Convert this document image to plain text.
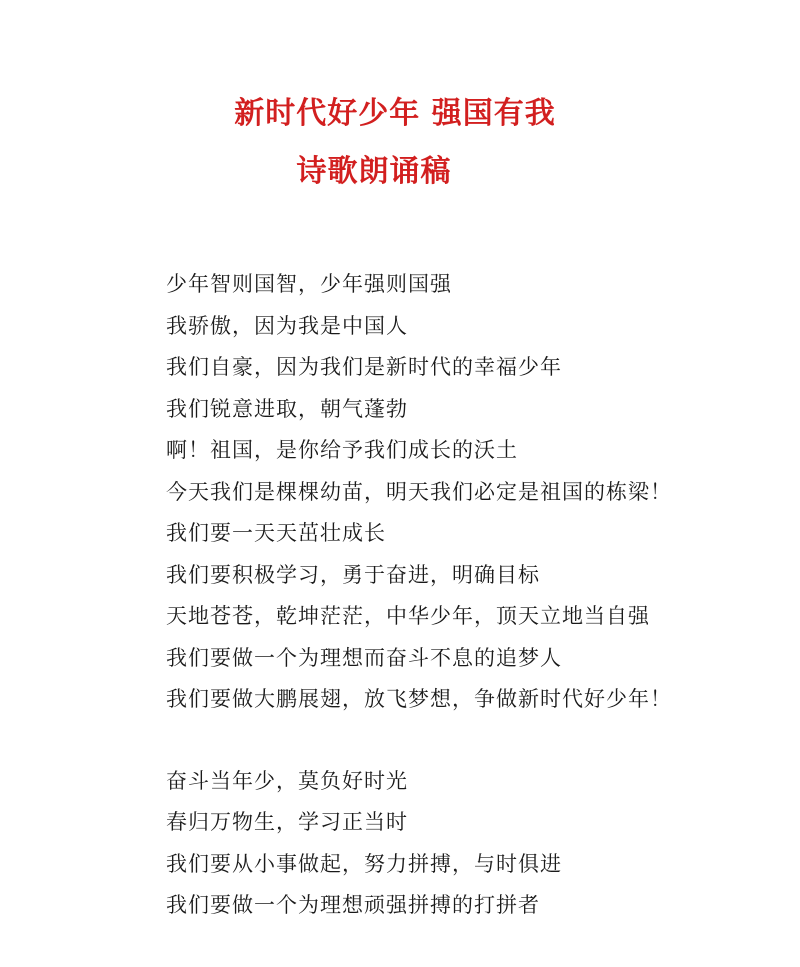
新时代好少年 强国有我
诗歌朗诵稿
少年智则国智，少年强则国强
我骄傲，因为我是中国人
我们自豪，因为我们是新时代的幸福少年
我们锐意进取，朝气蓬勃
啊！祖国，是你给予我们成长的沃土
今天我们是棵棵幼苗，明天我们必定是祖国的栋梁！
我们要一天天茁壮成长
我们要积极学习，勇于奋进，明确目标
天地苍苍，乾坤茫茫，中华少年，顶天立地当自强
我们要做一个为理想而奋斗不息的追梦人
我们要做大鹏展翅，放飞梦想，争做新时代好少年！
奋斗当年少，莫负好时光
春归万物生，学习正当时
我们要从小事做起，努力拼搏，与时俱进
我们要做一个为理想顽强拼搏的打拼者
